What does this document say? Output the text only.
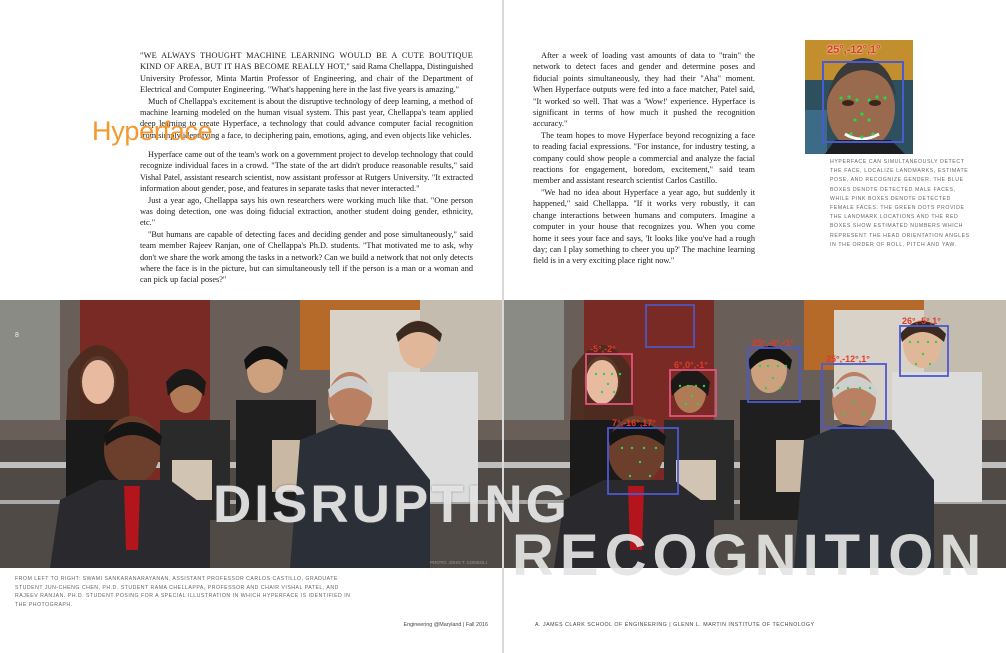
"WE ALWAYS THOUGHT MACHINE LEARNING WOULD BE A CUTE BOUTIQUE KIND OF AREA, BUT IT HAS BECOME REALLY HOT," said Rama Chellappa, Distinguished University Professor, Minta Martin Professor of Engineering, and chair of the Department of Electrical and Computer Engineering. "What's happening here in the last five years is amazing."

Much of Chellappa's excitement is about the disruptive technology of deep learning, a method of machine learning modeled on the human visual system. This past year, Chellappa's team applied deep learning to create Hyperface, a technology that could advance computer facial recognition from simply identifying a face, to deciphering pain, emotions, aging, and even objects like vehicles.

Hyperface

Hyperface came out of the team's work on a government project to develop technology that could recognize individual faces in a crowd. "The state of the art didn't produce reasonable results," said Vishal Patel, assistant research scientist, now assistant professor at Rutgers University. "It extracted information about gender, pose, and features in separate tasks that never interacted."

Just a year ago, Chellappa says his own researchers were working much like that. "One person was doing detection, one was doing fiducial extraction, another student doing gender, ethnicity, etc."

"But humans are capable of detecting faces and deciding gender and pose simultaneously," said team member Rajeev Ranjan, one of Chellappa's Ph.D. students. "That motivated me to ask, why don't we share the work among the tasks in a network? Can we build a network that not only detects where the face is in the picture, but can simultaneously tell if the person is a man or a woman and can pick up facial poses?"

After a week of loading vast amounts of data to "train" the network to detect faces and gender and determine poses and fiducial points simultaneously, they had their "Aha" moment. When Hyperface outputs were fed into a face matcher, Patel said, "It worked so well. That was a 'Wow!' experience. Hyperface is significant in terms of how much it pushed the recognition accuracy."

The team hopes to move Hyperface beyond recognizing a face to reading facial expressions. "For instance, for industry testing, a company could show people a commercial and analyze the facial reactions for engagement, boredom, excitement," said team member and assistant research scientist Carlos Castillo.

"We had no idea about Hyperface a year ago, but suddenly it happened," said Chellappa. "If it works very robustly, it can change interactions between humans and computers. Imagine a computer in your house that recognizes you. When you come home it sees your face and says, 'It looks like you've had a rough day; can I play something to cheer you up?' The machine learning field is in a very exciting place right now."

25°,-12°,1°
HYPERFACE CAN SIMULTANEOUSLY DETECT THE FACE, LOCALIZE LANDMARKS, ESTIMATE POSE, AND RECOGNIZE GENDER. THE BLUE BOXES DENOTE DETECTED MALE FACES, WHILE PINK BOXES DENOTE DETECTED FEMALE FACES. THE GREEN DOTS PROVIDE THE LANDMARK LOCATIONS AND THE RED BOXES SHOW ESTIMATED NUMBERS WHICH REPRESENT THE HEAD ORIENTATION ANGLES IN THE ORDER OF ROLL, PITCH AND YAW.
-5°,-2°
6°,0°,-1°
25°,-6°,-1°
25°,-12°,1°
26°,-5°,1°
7°,-16°,17°
8
PHOTO: JOHN T. CONSOLI
DISRUPTING
RECOGNITION
FROM LEFT TO RIGHT: SWAMI SANKARANARAYANAN, ASSISTANT PROFESSOR CARLOS CASTILLO, GRADUATE STUDENT JUN-CHENG CHEN, PH.D. STUDENT RAMA CHELLAPPA, PROFESSOR AND CHAIR VISHAL PATEL, AND RAJEEV RANJAN. PH.D. STUDENT POSING FOR A SPECIAL ILLUSTRATION IN WHICH HYPERFACE IS IDENTIFIED IN THE PHOTOGRAPH.
Engineering @Maryland | Fall 2016	A. JAMES CLARK SCHOOL OF ENGINEERING | GLENN L. MARTIN INSTITUTE OF TECHNOLOGY
